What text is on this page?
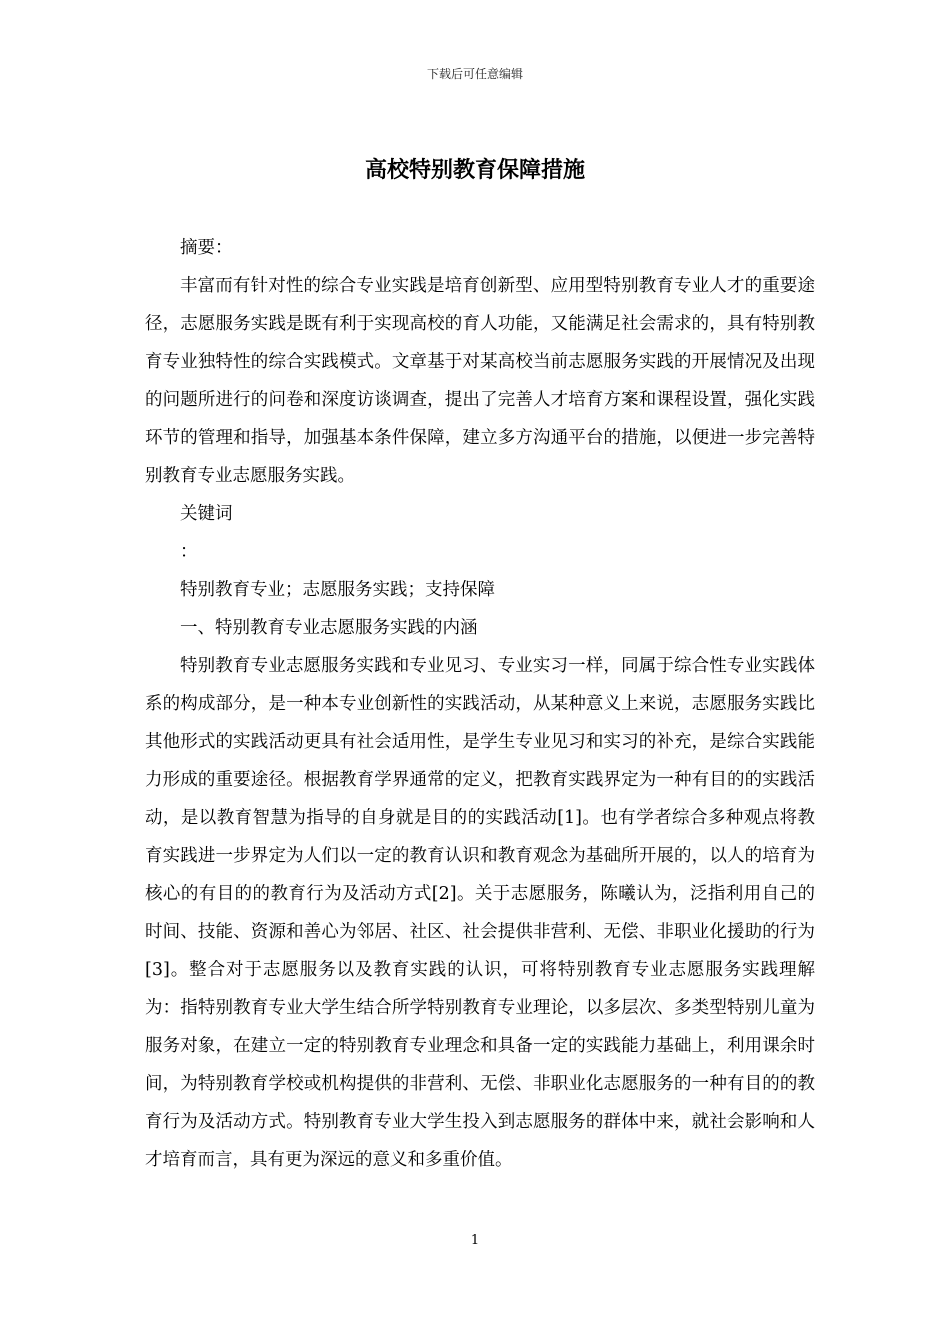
下载后可任意编辑
高校特别教育保障措施

摘要：

丰富而有针对性的综合专业实践是培育创新型、应用型特别教育专业人才的重要途径，志愿服务实践是既有利于实现高校的育人功能，又能满足社会需求的，具有特别教育专业独特性的综合实践模式。文章基于对某高校当前志愿服务实践的开展情况及出现的问题所进行的问卷和深度访谈调查，提出了完善人才培育方案和课程设置，强化实践环节的管理和指导，加强基本条件保障，建立多方沟通平台的措施，以便进一步完善特别教育专业志愿服务实践。

关键词

：

特别教育专业；志愿服务实践；支持保障

一、特别教育专业志愿服务实践的内涵

特别教育专业志愿服务实践和专业见习、专业实习一样，同属于综合性专业实践体系的构成部分，是一种本专业创新性的实践活动，从某种意义上来说，志愿服务实践比其他形式的实践活动更具有社会适用性，是学生专业见习和实习的补充，是综合实践能力形成的重要途径。根据教育学界通常的定义，把教育实践界定为一种有目的的实践活动，是以教育智慧为指导的自身就是目的的实践活动[1]。也有学者综合多种观点将教育实践进一步界定为人们以一定的教育认识和教育观念为基础所开展的，以人的培育为核心的有目的的教育行为及活动方式[2]。关于志愿服务，陈曦认为，泛指利用自己的时间、技能、资源和善心为邻居、社区、社会提供非营利、无偿、非职业化援助的行为[3]。整合对于志愿服务以及教育实践的认识，可将特别教育专业志愿服务实践理解为：指特别教育专业大学生结合所学特别教育专业理论，以多层次、多类型特别儿童为服务对象，在建立一定的特别教育专业理念和具备一定的实践能力基础上，利用课余时间，为特别教育学校或机构提供的非营利、无偿、非职业化志愿服务的一种有目的的教育行为及活动方式。特别教育专业大学生投入到志愿服务的群体中来，就社会影响和人才培育而言，具有更为深远的意义和多重价值。

1
